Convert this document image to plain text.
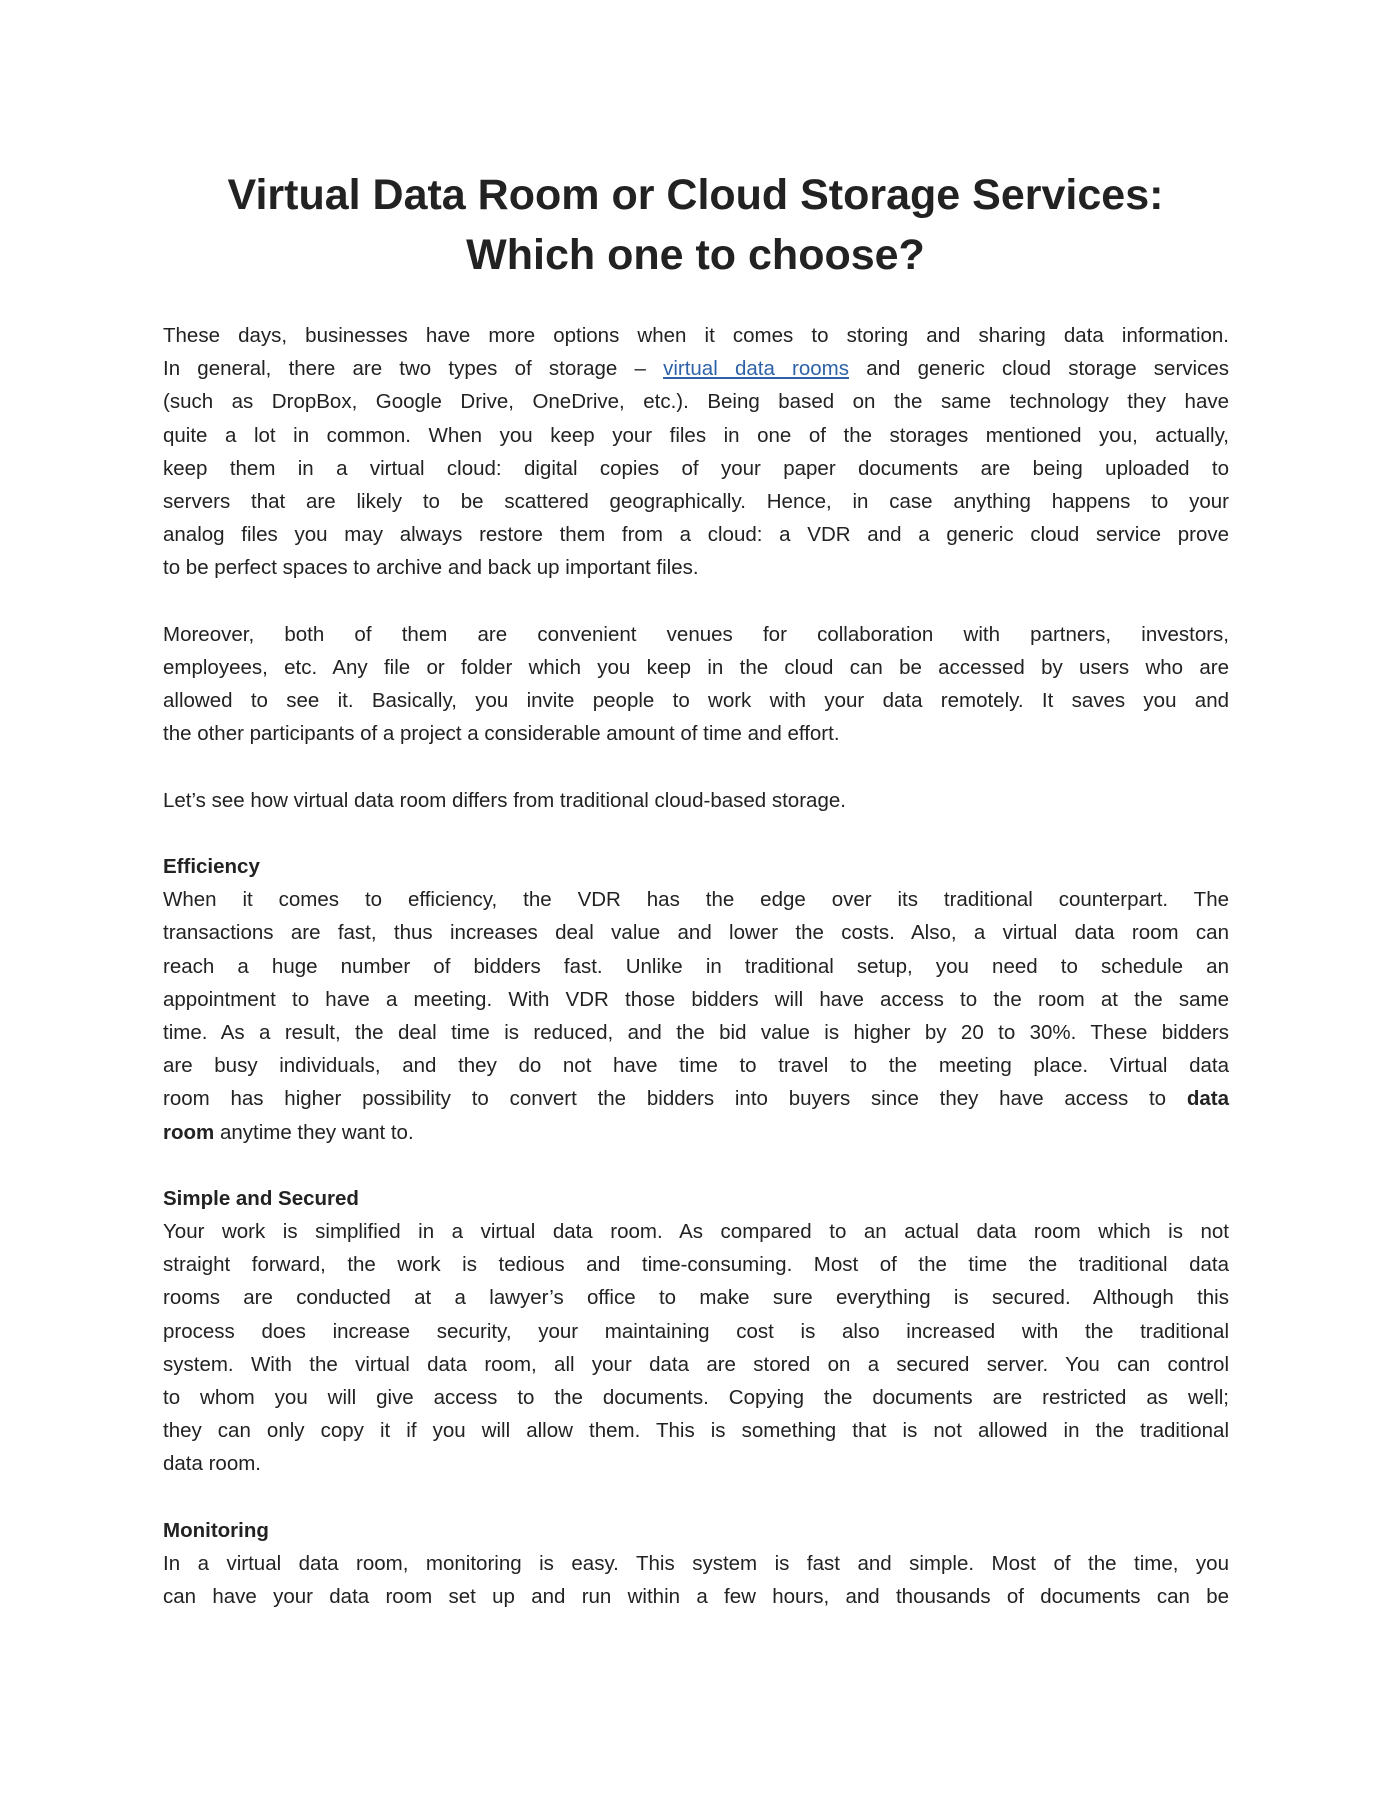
Virtual Data Room or Cloud Storage Services:
Which one to choose?
These days, businesses have more options when it comes to storing and sharing data information.
In general, there are two types of storage – virtual data rooms and generic cloud storage services
(such as DropBox, Google Drive, OneDrive, etc.). Being based on the same technology they have
quite a lot in common. When you keep your files in one of the storages mentioned you, actually,
keep them in a virtual cloud: digital copies of your paper documents are being uploaded to
servers that are likely to be scattered geographically. Hence, in case anything happens to your
analog files you may always restore them from a cloud: a VDR and a generic cloud service prove
to be perfect spaces to archive and back up important files.
Moreover, both of them are convenient venues for collaboration with partners, investors,
employees, etc. Any file or folder which you keep in the cloud can be accessed by users who are
allowed to see it. Basically, you invite people to work with your data remotely. It saves you and
the other participants of a project a considerable amount of time and effort.
Let’s see how virtual data room differs from traditional cloud-based storage.
Efficiency
When it comes to efficiency, the VDR has the edge over its traditional counterpart. The
transactions are fast, thus increases deal value and lower the costs. Also, a virtual data room can
reach a huge number of bidders fast. Unlike in traditional setup, you need to schedule an
appointment to have a meeting. With VDR those bidders will have access to the room at the same
time. As a result, the deal time is reduced, and the bid value is higher by 20 to 30%. These bidders
are busy individuals, and they do not have time to travel to the meeting place. Virtual data
room has higher possibility to convert the bidders into buyers since they have access to data
room anytime they want to.
Simple and Secured
Your work is simplified in a virtual data room. As compared to an actual data room which is not
straight forward, the work is tedious and time-consuming. Most of the time the traditional data
rooms are conducted at a lawyer’s office to make sure everything is secured. Although this
process does increase security, your maintaining cost is also increased with the traditional
system. With the virtual data room, all your data are stored on a secured server. You can control
to whom you will give access to the documents. Copying the documents are restricted as well;
they can only copy it if you will allow them. This is something that is not allowed in the traditional
data room.
Monitoring
In a virtual data room, monitoring is easy. This system is fast and simple. Most of the time, you
can have your data room set up and run within a few hours, and thousands of documents can be
